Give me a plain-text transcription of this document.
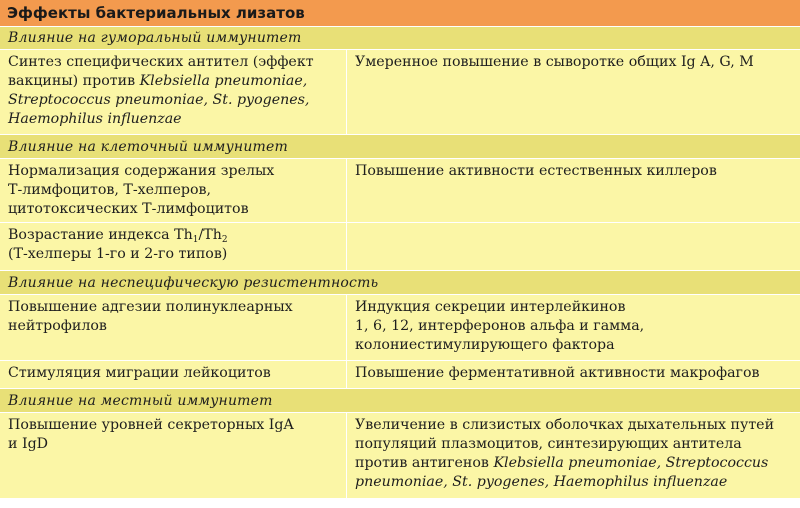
Эффекты бактериальных лизатов
Влияние на гуморальный иммунитет
Синтез специфических антител (эффект
вакцины) против Klebsiella pneumoniae,
Streptococcus pneumoniae, St. pyogenes,
Haemophilus influenzae
Умеренное повышение в сыворотке общих Ig A, G, M
Влияние на клеточный иммунитет
Нормализация содержания зрелых
Т-лимфоцитов, Т-хелперов,
цитотоксических Т-лимфоцитов
Повышение активности естественных киллеров
Возрастание индекса $Th_1/Th_2$
(Т-хелперы 1-го и 2-го типов)
Влияние на неспецифическую резистентность
Повышение адгезии полинуклеарных
нейтрофилов
Индукция секреции интерлейкинов
1, 6, 12, интерферонов альфа и гамма,
колониестимулирующего фактора
Стимуляция миграции лейкоцитов	Повышение ферментативной активности макрофагов
Влияние на местный иммунитет
Повышение уровней секреторных IgA
и IgD
Увеличение в слизистых оболочках дыхательных путей
популяций плазмоцитов, синтезирующих антитела
против антигенов Klebsiella pneumoniae, Streptococcus
pneumoniae, St. pyogenes, Haemophilus influenzae
